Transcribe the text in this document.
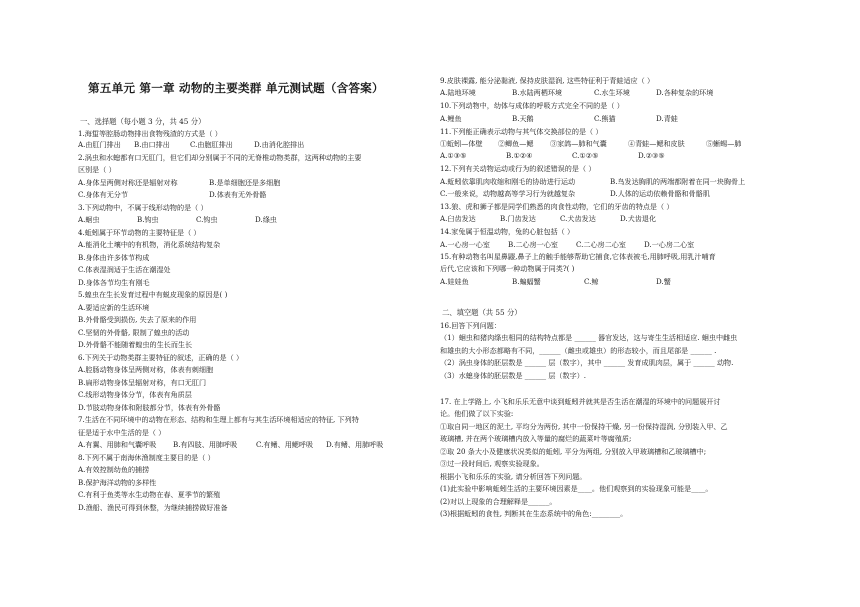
第五单元 第一章 动物的主要类群 单元测试题（含答案）
一、选择题（每小题 3 分，共 45 分）
1.海蜇等腔肠动物排出食物残渣的方式是（ ）
A.由肛门排出	B.由口排出	C.由胞肛排出	D.由消化腔排出
2.涡虫和水螅都有口无肛门，但它们却分别属于不同的无脊椎动物类群，这两种动物的主要
区别是（ ）
A.身体呈两侧对称还是辐射对称	B.是单细胞还是多细胞
C.身体有无分节	D.体表有无外骨骼
3.下列动物中，不属于线形动物的是（ ）
A.蛔虫	B.钩虫	C.钩虫	D.绦虫
4.蚯蚓属于环节动物的主要特征是（ ）
A.能消化土壤中的有机物，消化系统结构复杂
B.身体由许多体节构成
C.体表湿润适于生活在潮湿处
D.身体各节均生有刚毛
5.蝗虫在生长发育过程中有蜕皮现象的原因是( )
A.要适应新的生活环境
B.外骨骼受到损伤, 失去了原来的作用
C.坚韧的外骨骼, 限制了蝗虫的活动
D.外骨骼不能随着蝗虫的生长而生长
6.下列关于动物类群主要特征的叙述，正确的是（ ）
A.腔肠动物身体呈两侧对称，体表有刺细胞
B.扁形动物身体呈辐射对称，有口无肛门
C.线形动物身体分节，体表有角质层
D.节肢动物身体和附肢都分节，体表有外骨骼
7.生活在不同环境中的动物在形态、结构和生理上都有与其生活环境相适应的特征, 下列特
征是适于水中生活的是（ ）
A.有翼、用肺和气囊呼吸	B.有四肢、用肺呼吸	C.有鳍、用鳃呼吸	D.有鳍、用肺呼吸
8.下列不属于南海休渔制度主要目的是（ ）
A.有效控制幼鱼的捕捞
B.保护海洋动物的多样性
C.有利于鱼类等水生动物在春、夏季节的繁殖
D.渔船、渔民可得到休整，为继续捕捞做好准备
9.皮肤裸露, 能分泌黏液, 保持皮肤湿润, 这些特征利于青蛙适应（ ）
A.陆地环境	B.水陆两栖环境	C.水生环境	D.各种复杂的环境
10.下列动物中，幼体与成体的呼吸方式完全不同的是（ ）
A.鲤鱼	B.天鹅	C.熊猫	D.青蛙
11.下列能正确表示动物与其气体交换部位的是（ ）
①蚯蚓—体壁	②鲫鱼—鳃	③家鸽—肺和气囊	④青蛙—鳃和皮肤	⑤蜥蜴—肺
A.①③⑤	B.①②④	C.①②⑤	D.②③⑤
12.下列有关动物运动或行为的叙述错误的是（ ）
A.蚯蚓依靠肌肉收缩和刚毛的协助进行运动	B.鸟发达胸肌的两端都附着在同一块胸骨上
C.一般来说，动物越高等学习行为就越复杂	D.人体的运动依赖骨骼和骨骼肌
13.狼、虎和狮子都是同学们熟悉的肉食性动物，它们的牙齿的特点是（ ）
A.臼齿发达	B.门齿发达	C.犬齿发达	D.犬齿退化
14.家兔属于恒温动物，兔的心脏包括（ ）
A.一心房一心室	B.二心房一心室	C.二心房二心室	D.一心房二心室
15.有种动物名叫星鼻鼹,鼻子上的触手能够帮助它捕食,它体表被毛,用肺呼吸,用乳汁哺育
后代,它应该和下列哪一种动物属于同类?( )
A.娃娃鱼	B.蝙蝠蟹	C.鲸	D.蟹
二、填空题（共 55 分）
16.回答下列问题：
（1）蛔虫和猪肉绦虫相同的结构特点都是 ______ 器官发达，这与寄生生活相适应. 蛔虫中雌虫
和雄虫的大小形态都略有不同，______（雌虫或雄虫）的形态较小，而且尾部是 ______ .
（2）涡虫身体的胚层数是 ______ 层（数字），其中 ______ 发育成肌肉层，属于 ______ 动物.
（3）水螅身体的胚层数是 ______ 层（数字）.
17. 在上学路上, 小飞和乐乐无意中谈到蚯蚓并就其是否生活在潮湿的环境中的问题展开讨
论。他们做了以下实验:
①取自同一地区的泥土, 平均分为两份, 其中一份保持干燥, 另一份保持湿润, 分别装入甲、乙
玻璃槽, 并在两个玻璃槽内放入等量的腐烂的蔬菜叶等腐殖质;
②取 20 条大小及健康状况类似的蚯蚓, 平分为两组, 分别放入甲玻璃槽和乙玻璃槽中;
③过一段时间后, 观察实验现象。
根据小飞和乐乐的实验, 请分析回答下列问题。
(1)此实验中影响蚯蚓生活的主要环境因素是____。他们观察到的实验现象可能是____。
(2)对以上现象的合理解释是______。
(3)根据蚯蚓的食性, 判断其在生态系统中的角色:________。
